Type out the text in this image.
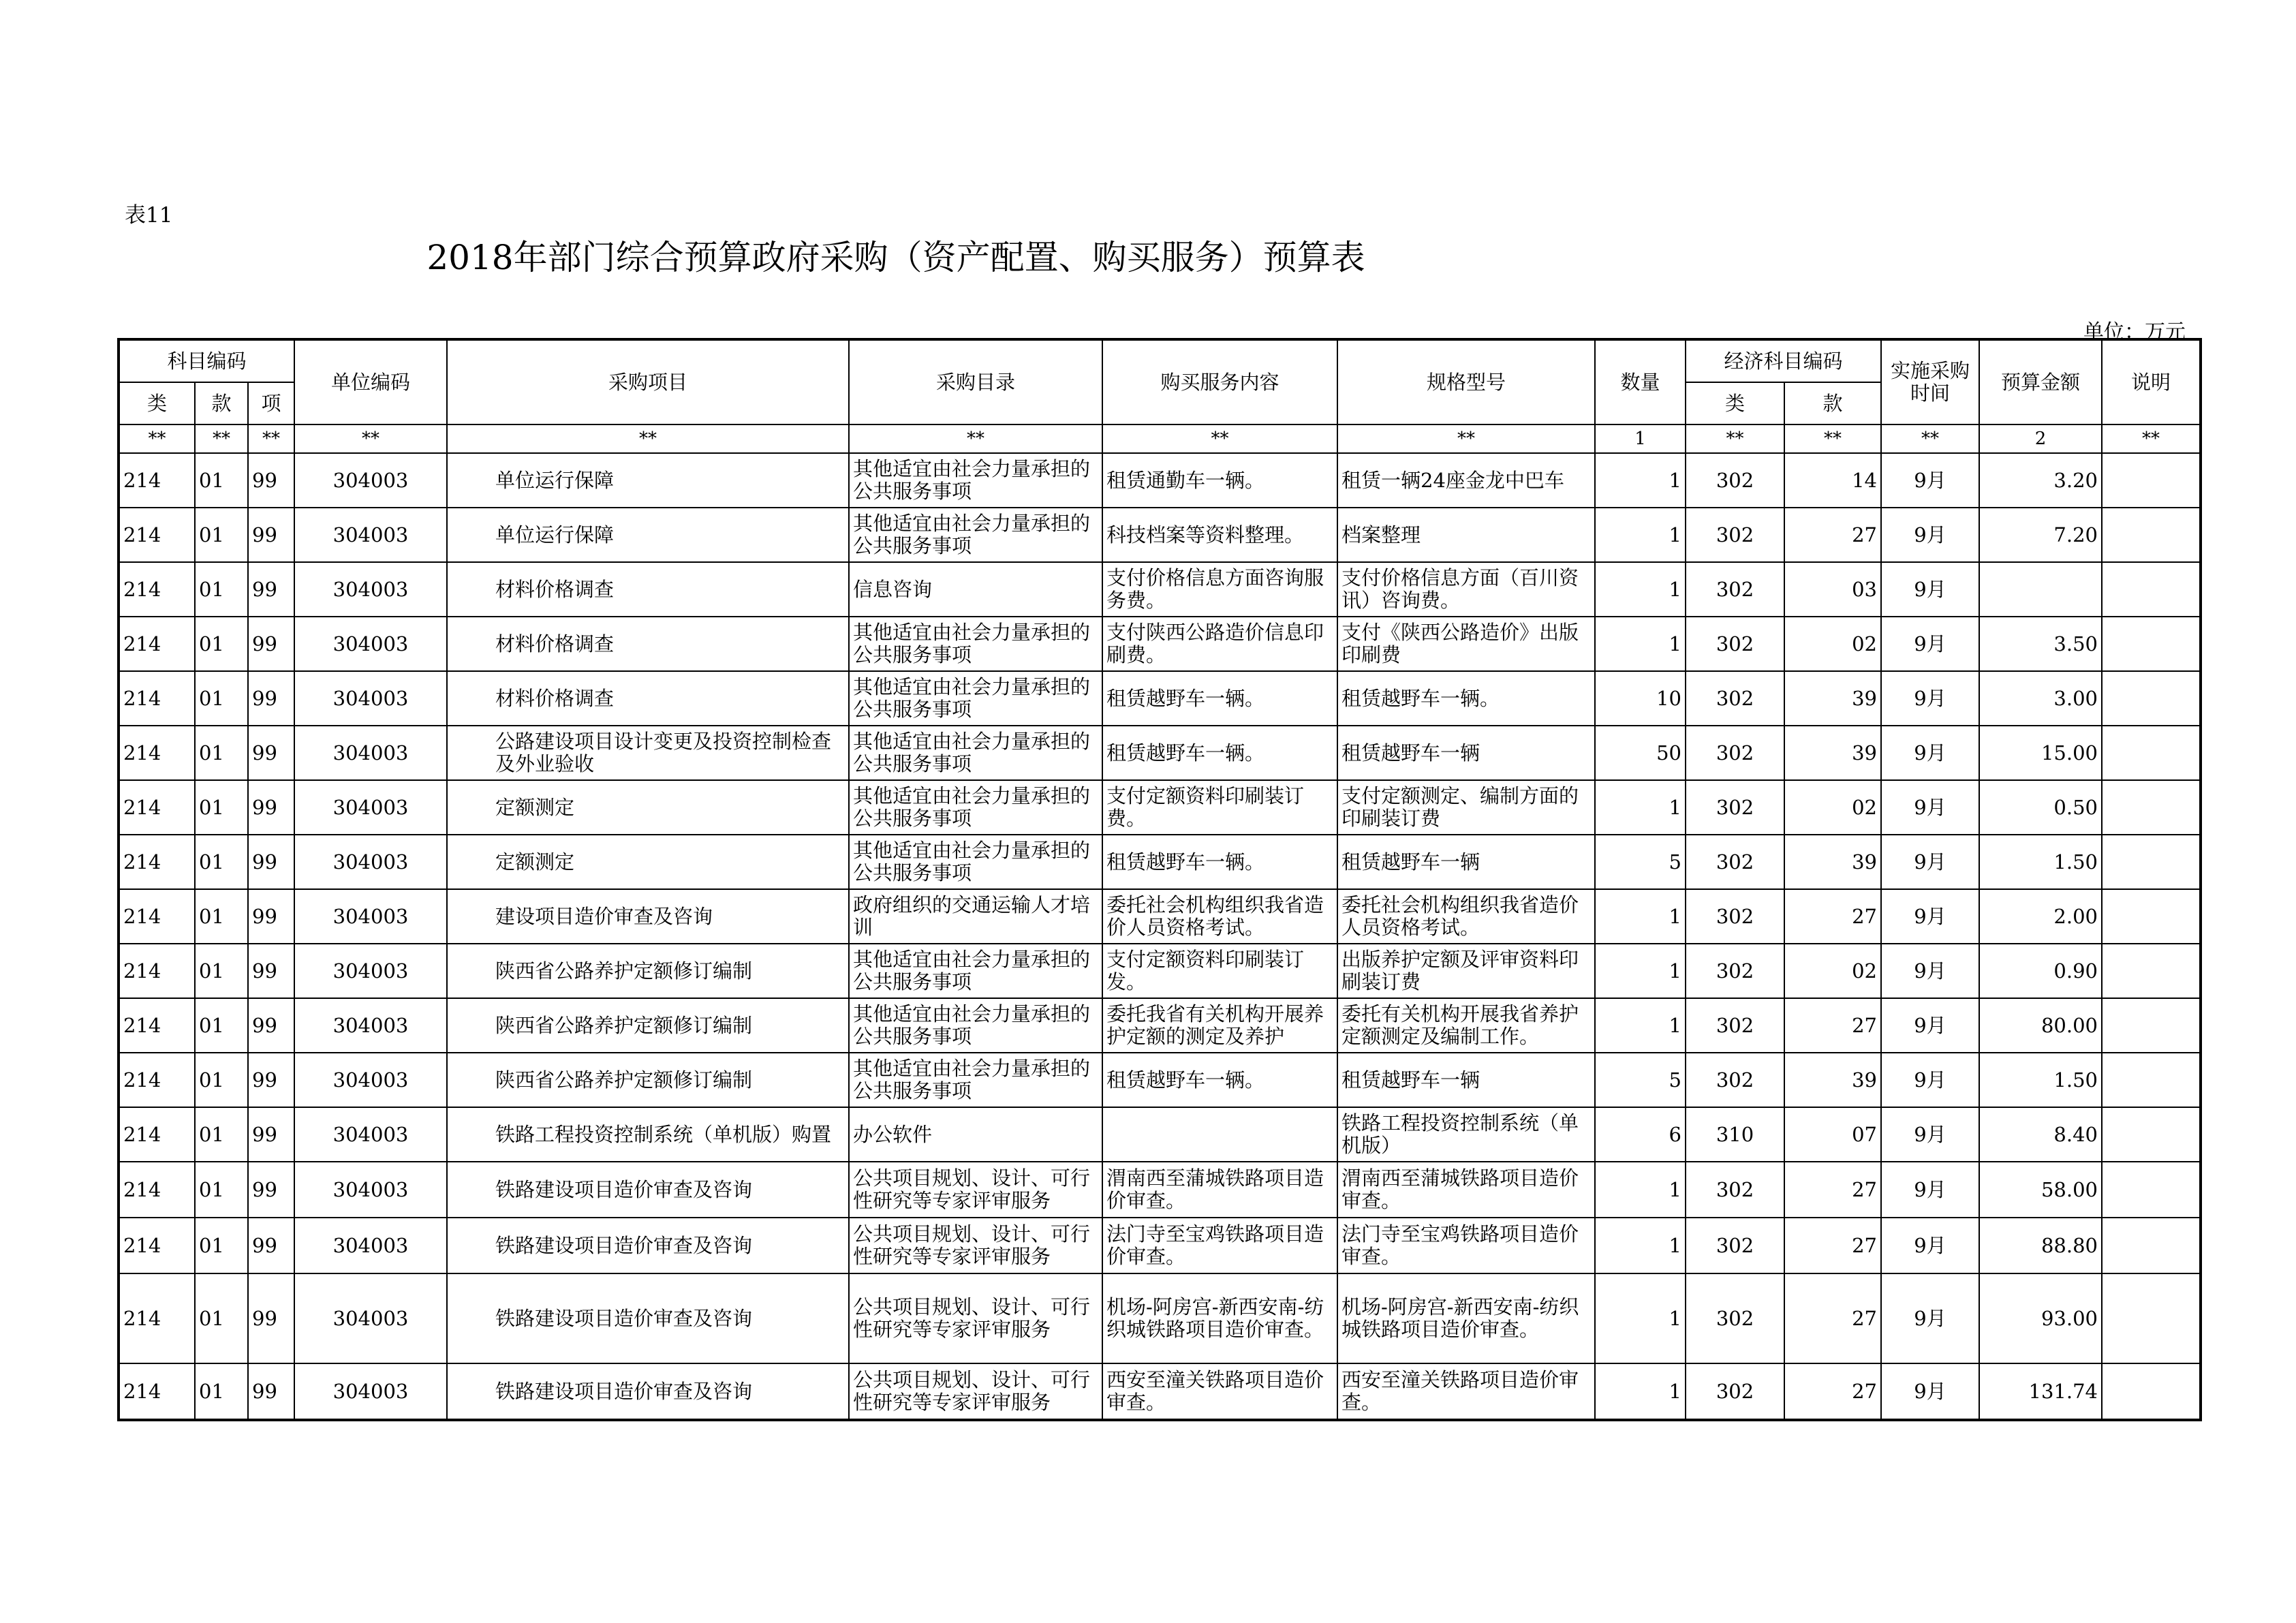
表11
2018年部门综合预算政府采购（资产配置、购买服务）预算表
单位：万元
科目编码			单位编码	采购项目	采购目录	购买服务内容	规格型号	数量	经济科目编码		实施采购时间	预算金额	说明
类	款	项							类	款			
**	**	**	**	**	**	**	**	1	**	**	**	2	**
214	01	99	304003	单位运行保障	其他适宜由社会力量承担的公共服务事项	租赁通勤车一辆。	租赁一辆24座金龙中巴车	1	302	14	9月	3.20	
214	01	99	304003	单位运行保障	其他适宜由社会力量承担的公共服务事项	科技档案等资料整理。	档案整理	1	302	27	9月	7.20	
214	01	99	304003	材料价格调查	信息咨询	支付价格信息方面咨询服务费。	支付价格信息方面（百川资讯）咨询费。	1	302	03	9月		
214	01	99	304003	材料价格调查	其他适宜由社会力量承担的公共服务事项	支付陕西公路造价信息印刷费。	支付《陕西公路造价》出版印刷费	1	302	02	9月	3.50	
214	01	99	304003	材料价格调查	其他适宜由社会力量承担的公共服务事项	租赁越野车一辆。	租赁越野车一辆。	10	302	39	9月	3.00	
214	01	99	304003	公路建设项目设计变更及投资控制检查及外业验收	其他适宜由社会力量承担的公共服务事项	租赁越野车一辆。	租赁越野车一辆	50	302	39	9月	15.00	
214	01	99	304003	定额测定	其他适宜由社会力量承担的公共服务事项	支付定额资料印刷装订费。	支付定额测定、编制方面的印刷装订费	1	302	02	9月	0.50	
214	01	99	304003	定额测定	其他适宜由社会力量承担的公共服务事项	租赁越野车一辆。	租赁越野车一辆	5	302	39	9月	1.50	
214	01	99	304003	建设项目造价审查及咨询	政府组织的交通运输人才培训	委托社会机构组织我省造价人员资格考试。	委托社会机构组织我省造价人员资格考试。	1	302	27	9月	2.00	
214	01	99	304003	陕西省公路养护定额修订编制	其他适宜由社会力量承担的公共服务事项	支付定额资料印刷装订发。	出版养护定额及评审资料印刷装订费	1	302	02	9月	0.90	
214	01	99	304003	陕西省公路养护定额修订编制	其他适宜由社会力量承担的公共服务事项	委托我省有关机构开展养护定额的测定及养护	委托有关机构开展我省养护定额测定及编制工作。	1	302	27	9月	80.00	
214	01	99	304003	陕西省公路养护定额修订编制	其他适宜由社会力量承担的公共服务事项	租赁越野车一辆。	租赁越野车一辆	5	302	39	9月	1.50	
214	01	99	304003	铁路工程投资控制系统（单机版）购置	办公软件		铁路工程投资控制系统（单机版）	6	310	07	9月	8.40	
214	01	99	304003	铁路建设项目造价审查及咨询	公共项目规划、设计、可行性研究等专家评审服务	渭南西至蒲城铁路项目造价审查。	渭南西至蒲城铁路项目造价审查。	1	302	27	9月	58.00	
214	01	99	304003	铁路建设项目造价审查及咨询	公共项目规划、设计、可行性研究等专家评审服务	法门寺至宝鸡铁路项目造价审查。	法门寺至宝鸡铁路项目造价审查。	1	302	27	9月	88.80	
214	01	99	304003	铁路建设项目造价审查及咨询	公共项目规划、设计、可行性研究等专家评审服务	机场-阿房宫-新西安南-纺织城铁路项目造价审查。	机场-阿房宫-新西安南-纺织城铁路项目造价审查。	1	302	27	9月	93.00	
214	01	99	304003	铁路建设项目造价审查及咨询	公共项目规划、设计、可行性研究等专家评审服务	西安至潼关铁路项目造价审查。	西安至潼关铁路项目造价审查。	1	302	27	9月	131.74	
